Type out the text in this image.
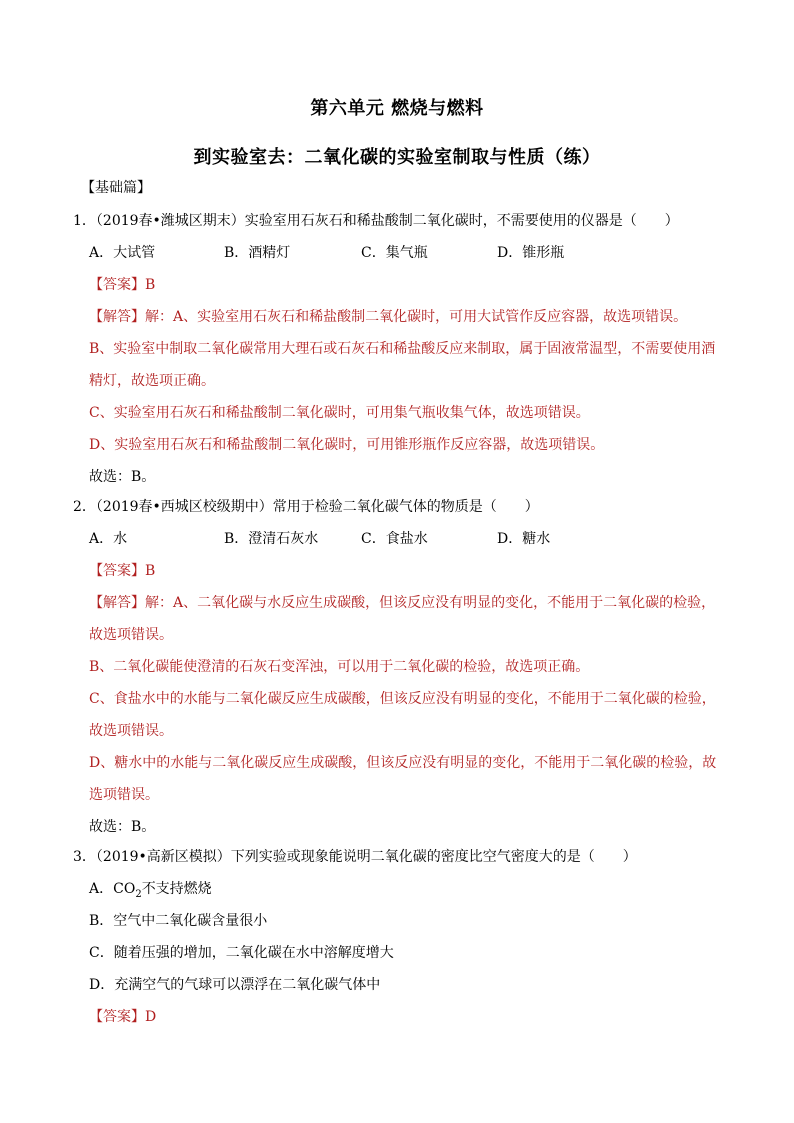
第六单元 燃烧与燃料
到实验室去：二氧化碳的实验室制取与性质（练）
【基础篇】
1．（2019春•潍城区期末）实验室用石灰石和稀盐酸制二氧化碳时，不需要使用的仪器是（　　）
A．大试管	B．酒精灯	C．集气瓶	D．锥形瓶
【答案】B
【解答】解：A、实验室用石灰石和稀盐酸制二氧化碳时，可用大试管作反应容器，故选项错误。
B、实验室中制取二氧化碳常用大理石或石灰石和稀盐酸反应来制取，属于固液常温型，不需要使用酒
精灯，故选项正确。
C、实验室用石灰石和稀盐酸制二氧化碳时，可用集气瓶收集气体，故选项错误。
D、实验室用石灰石和稀盐酸制二氧化碳时，可用锥形瓶作反应容器，故选项错误。
故选：B。
2．（2019春•西城区校级期中）常用于检验二氧化碳气体的物质是（　　）
A．水	B．澄清石灰水	C．食盐水	D．糖水
【答案】B
【解答】解：A、二氧化碳与水反应生成碳酸，但该反应没有明显的变化，不能用于二氧化碳的检验，
故选项错误。
B、二氧化碳能使澄清的石灰石变浑浊，可以用于二氧化碳的检验，故选项正确。
C、食盐水中的水能与二氧化碳反应生成碳酸，但该反应没有明显的变化，不能用于二氧化碳的检验，
故选项错误。
D、糖水中的水能与二氧化碳反应生成碳酸，但该反应没有明显的变化，不能用于二氧化碳的检验，故
选项错误。
故选：B。
3．（2019•高新区模拟）下列实验或现象能说明二氧化碳的密度比空气密度大的是（　　）
A．$CO_2$不支持燃烧
B．空气中二氧化碳含量很小
C．随着压强的增加，二氧化碳在水中溶解度增大
D．充满空气的气球可以漂浮在二氧化碳气体中
【答案】D
